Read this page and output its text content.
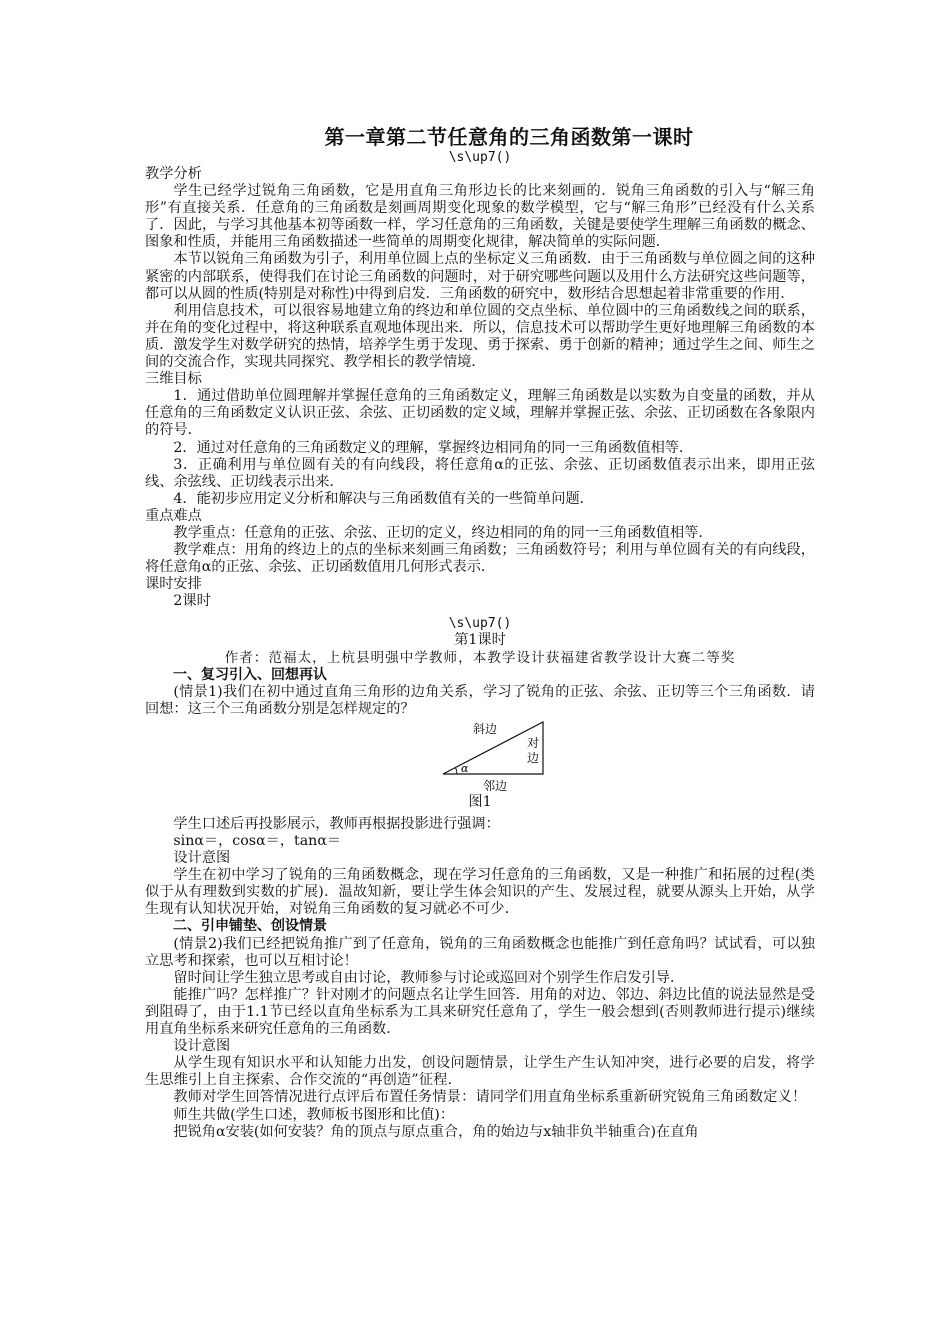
第一章第二节任意角的三角函数第一课时
\s\up7()

教学分析

学生已经学过锐角三角函数，它是用直角三角形边长的比来刻画的．锐角三角函数的引入与“解三角形”有直接关系．任意角的三角函数是刻画周期变化现象的数学模型，它与“解三角形”已经没有什么关系了．因此，与学习其他基本初等函数一样，学习任意角的三角函数，关键是要使学生理解三角函数的概念、图象和性质，并能用三角函数描述一些简单的周期变化规律，解决简单的实际问题．

本节以锐角三角函数为引子，利用单位圆上点的坐标定义三角函数．由于三角函数与单位圆之间的这种紧密的内部联系，使得我们在讨论三角函数的问题时，对于研究哪些问题以及用什么方法研究这些问题等，都可以从圆的性质(特别是对称性)中得到启发．三角函数的研究中，数形结合思想起着非常重要的作用．

利用信息技术，可以很容易地建立角的终边和单位圆的交点坐标、单位圆中的三角函数线之间的联系，并在角的变化过程中，将这种联系直观地体现出来．所以，信息技术可以帮助学生更好地理解三角函数的本质．激发学生对数学研究的热情，培养学生勇于发现、勇于探索、勇于创新的精神；通过学生之间、师生之间的交流合作，实现共同探究、教学相长的教学情境．

三维目标

1．通过借助单位圆理解并掌握任意角的三角函数定义，理解三角函数是以实数为自变量的函数，并从任意角的三角函数定义认识正弦、余弦、正切函数的定义域，理解并掌握正弦、余弦、正切函数在各象限内的符号．

2．通过对任意角的三角函数定义的理解，掌握终边相同角的同一三角函数值相等．

3．正确利用与单位圆有关的有向线段，将任意角α的正弦、余弦、正切函数值表示出来，即用正弦线、余弦线、正切线表示出来．

4．能初步应用定义分析和解决与三角函数值有关的一些简单问题．

重点难点

教学重点：任意角的正弦、余弦、正切的定义，终边相同的角的同一三角函数值相等．

教学难点：用角的终边上的点的坐标来刻画三角函数；三角函数符号；利用与单位圆有关的有向线段，将任意角α的正弦、余弦、正切函数值用几何形式表示．

课时安排

2课时

\s\up7()

第1课时

作者：范福太，上杭县明强中学教师，本教学设计获福建省教学设计大赛二等奖

一、复习引入、回想再认

(情景1)我们在初中通过直角三角形的边角关系，学习了锐角的正弦、余弦、正切等三个三角函数．请回想：这三个三角函数分别是怎样规定的？

斜边
对
边
α
邻边

图1

学生口述后再投影展示，教师再根据投影进行强调：

sinα＝，cosα＝，tanα＝

设计意图

学生在初中学习了锐角的三角函数概念，现在学习任意角的三角函数，又是一种推广和拓展的过程(类似于从有理数到实数的扩展)．温故知新，要让学生体会知识的产生、发展过程，就要从源头上开始，从学生现有认知状况开始，对锐角三角函数的复习就必不可少．

二、引申铺垫、创设情景

(情景2)我们已经把锐角推广到了任意角，锐角的三角函数概念也能推广到任意角吗？试试看，可以独立思考和探索，也可以互相讨论！

留时间让学生独立思考或自由讨论，教师参与讨论或巡回对个别学生作启发引导．

能推广吗？怎样推广？针对刚才的问题点名让学生回答．用角的对边、邻边、斜边比值的说法显然是受到阻碍了，由于1.1节已经以直角坐标系为工具来研究任意角了，学生一般会想到(否则教师进行提示)继续用直角坐标系来研究任意角的三角函数．

设计意图

从学生现有知识水平和认知能力出发，创设问题情景，让学生产生认知冲突，进行必要的启发，将学生思维引上自主探索、合作交流的“再创造”征程．

教师对学生回答情况进行点评后布置任务情景：请同学们用直角坐标系重新研究锐角三角函数定义！

师生共做(学生口述，教师板书图形和比值)：

把锐角α安装(如何安装？角的顶点与原点重合，角的始边与x轴非负半轴重合)在直角
